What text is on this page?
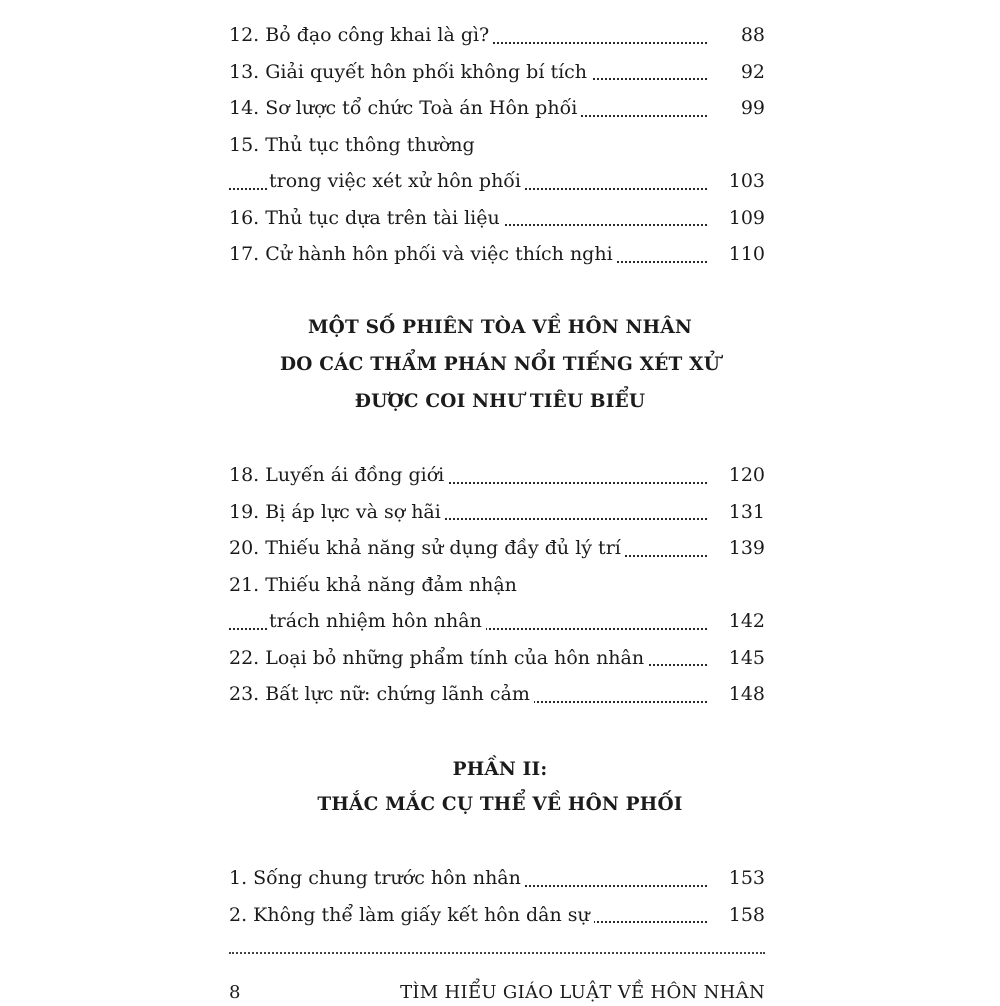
12. Bỏ đạo công khai là gì?	88
13. Giải quyết hôn phối không bí tích	92
14. Sơ lược tổ chức Toà án Hôn phối	99
15. Thủ tục thông thường
trong việc xét xử hôn phối	103
16. Thủ tục dựa trên tài liệu	109
17. Cử hành hôn phối và việc thích nghi	110
MỘT SỐ PHIÊN TÒA VỀ HÔN NHÂN
DO CÁC THẨM PHÁN NỔI TIẾNG XÉT XỬ
ĐƯỢC COI NHƯ TIÊU BIỂU
18. Luyến ái đồng giới	120
19. Bị áp lực và sợ hãi	131
20. Thiếu khả năng sử dụng đầy đủ lý trí	139
21. Thiếu khả năng đảm nhận
trách nhiệm hôn nhân	142
22. Loại bỏ những phẩm tính của hôn nhân	145
23. Bất lực nữ: chứng lãnh cảm	148
PHẦN II:
THẮC MẮC CỤ THỂ VỀ HÔN PHỐI
1. Sống chung trước hôn nhân	153
2. Không thể làm giấy kết hôn dân sự	158
8	TÌM HIỂU GIÁO LUẬT VỀ HÔN NHÂN
